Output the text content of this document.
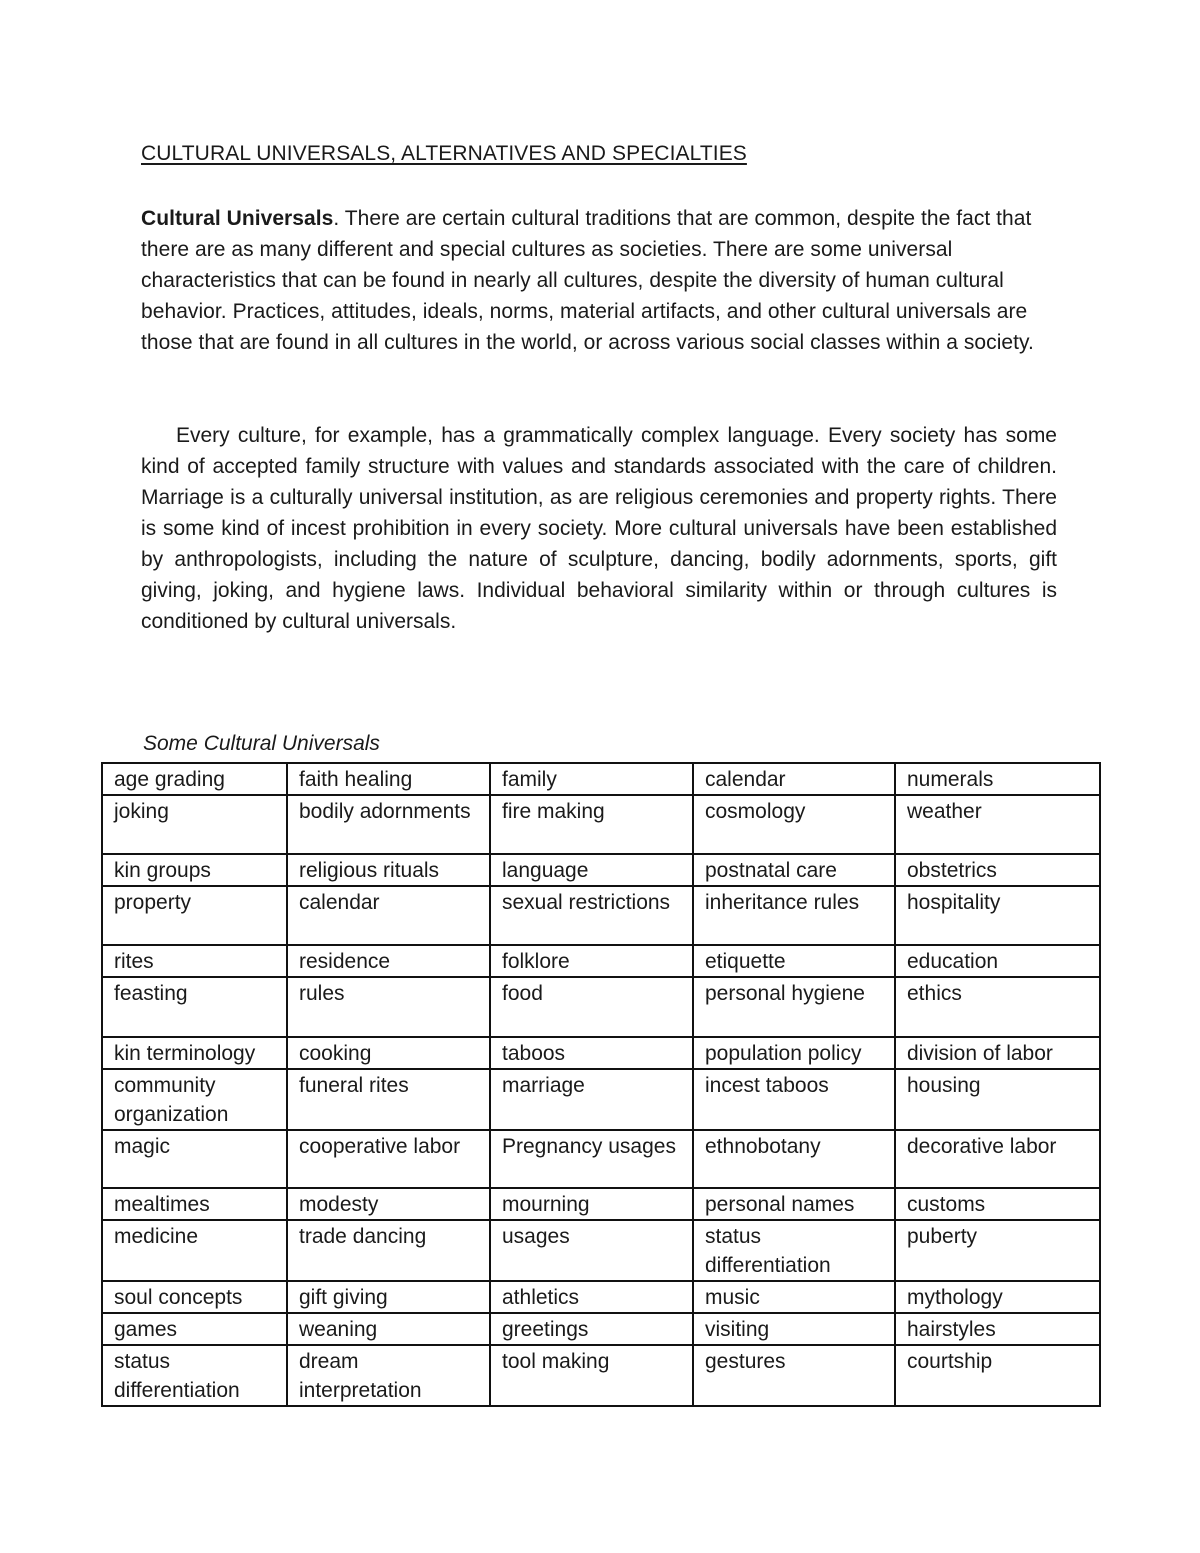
CULTURAL UNIVERSALS, ALTERNATIVES AND SPECIALTIES

Cultural Universals. There are certain cultural traditions that are common, despite the fact that there are as many different and special cultures as societies. There are some universal characteristics that can be found in nearly all cultures, despite the diversity of human cultural behavior. Practices, attitudes, ideals, norms, material artifacts, and other cultural universals are those that are found in all cultures in the world, or across various social classes within a society.

Every culture, for example, has a grammatically complex language. Every society has some kind of accepted family structure with values and standards associated with the care of children. Marriage is a culturally universal institution, as are religious ceremonies and property rights. There is some kind of incest prohibition in every society. More cultural universals have been established by anthropologists, including the nature of sculpture, dancing, bodily adornments, sports, gift giving, joking, and hygiene laws. Individual behavioral similarity within or through cultures is conditioned by cultural universals.

Some Cultural Universals

age grading	faith healing	family	calendar	numerals
joking	bodily adornments	fire making	cosmology	weather
kin groups	religious rituals	language	postnatal care	obstetrics
property	calendar	sexual restrictions	inheritance rules	hospitality
rites	residence	folklore	etiquette	education
feasting	rules	food	personal hygiene	ethics
kin terminology	cooking	taboos	population policy	division of labor
community organization	funeral rites	marriage	incest taboos	housing
magic	cooperative labor	Pregnancy usages	ethnobotany	decorative labor
mealtimes	modesty	mourning	personal names	customs
medicine	trade dancing	usages	status differentiation	puberty
soul concepts	gift giving	athletics	music	mythology
games	weaning	greetings	visiting	hairstyles
status differentiation	dream interpretation	tool making	gestures	courtship
